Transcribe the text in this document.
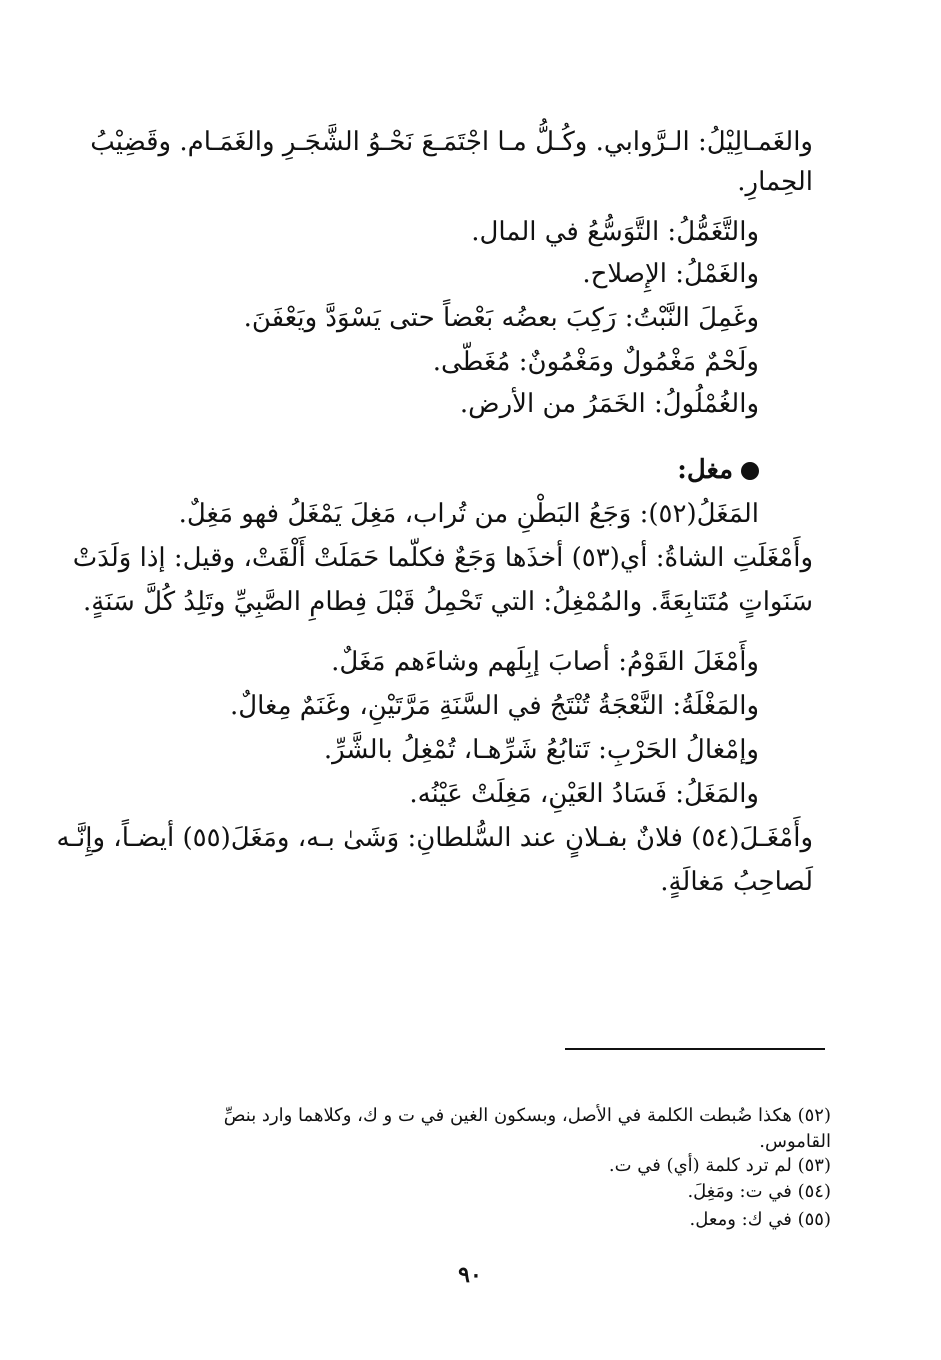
والغَمـالِيْلُ: الـرَّوابي. وكُـلُّ مـا اجْتَمَـعَ نَحْـوُ الشَّجَـرِ والغَمَـام. وقَضِيْبُ
الحِمارِ.
والتَّغَمُّلُ: التَّوَسُّعُ في المال.
والغَمْلُ: الإِصلاح.
وغَمِلَ النَّبْتُ: رَكِبَ بعضُه بَعْضاً حتى يَسْوَدَّ ويَعْفَنَ.
ولَحْمٌ مَغْمُولٌ ومَغْمُونٌ: مُغَطّى.
والغُمْلُولُ: الخَمَرُ من الأرض.
مغل:
المَغَلُ(٥٢): وَجَعُ البَطْنِ من تُراب، مَغِلَ يَمْغَلُ فهو مَغِلٌ.
وأَمْغَلَتِ الشاةُ: أي(٥٣) أخذَها وَجَعٌ فكلّما حَمَلَتْ أَلْقَتْ، وقيل: إذا وَلَدَتْ
سَنَواتٍ مُتَتابِعَةً. والمُمْغِلُ: التي تَحْمِلُ قَبْلَ فِطامِ الصَّبِيِّ وتَلِدُ كُلَّ سَنَةٍ.
وأَمْغَلَ القَوْمُ: أصابَ إبِلَهم وشاءَهم مَغَلٌ.
والمَغْلَةُ: النَّعْجَةُ تُنْتَجُ في السَّنَةِ مَرَّتَيْنِ، وغَنَمٌ مِغالٌ.
وإمْغالُ الحَرْبِ: تَتابُعُ شَرِّهـا، تُمْغِلُ بالشَّرِّ.
والمَغَلُ: فَسَادُ العَيْنِ، مَغِلَتْ عَيْنُه.
وأَمْغَـلَ(٥٤) فلانٌ بفـلانٍ عند السُّلطانِ: وَشَىٰ بـه، ومَغَلَ(٥٥) أيضـاً، وإِنَّـه
لَصاحِبُ مَغالَةٍ.
(٥٢) هكذا ضُبطت الكلمة في الأصل، وبسكون الغين في ت و ك، وكلاهما وارد بنصِّ
القاموس.
(٥٣) لم ترد كلمة (أي) في ت.
(٥٤) في ت: ومَغِلَ.
(٥٥) في ك: ومعل.
٩٠
